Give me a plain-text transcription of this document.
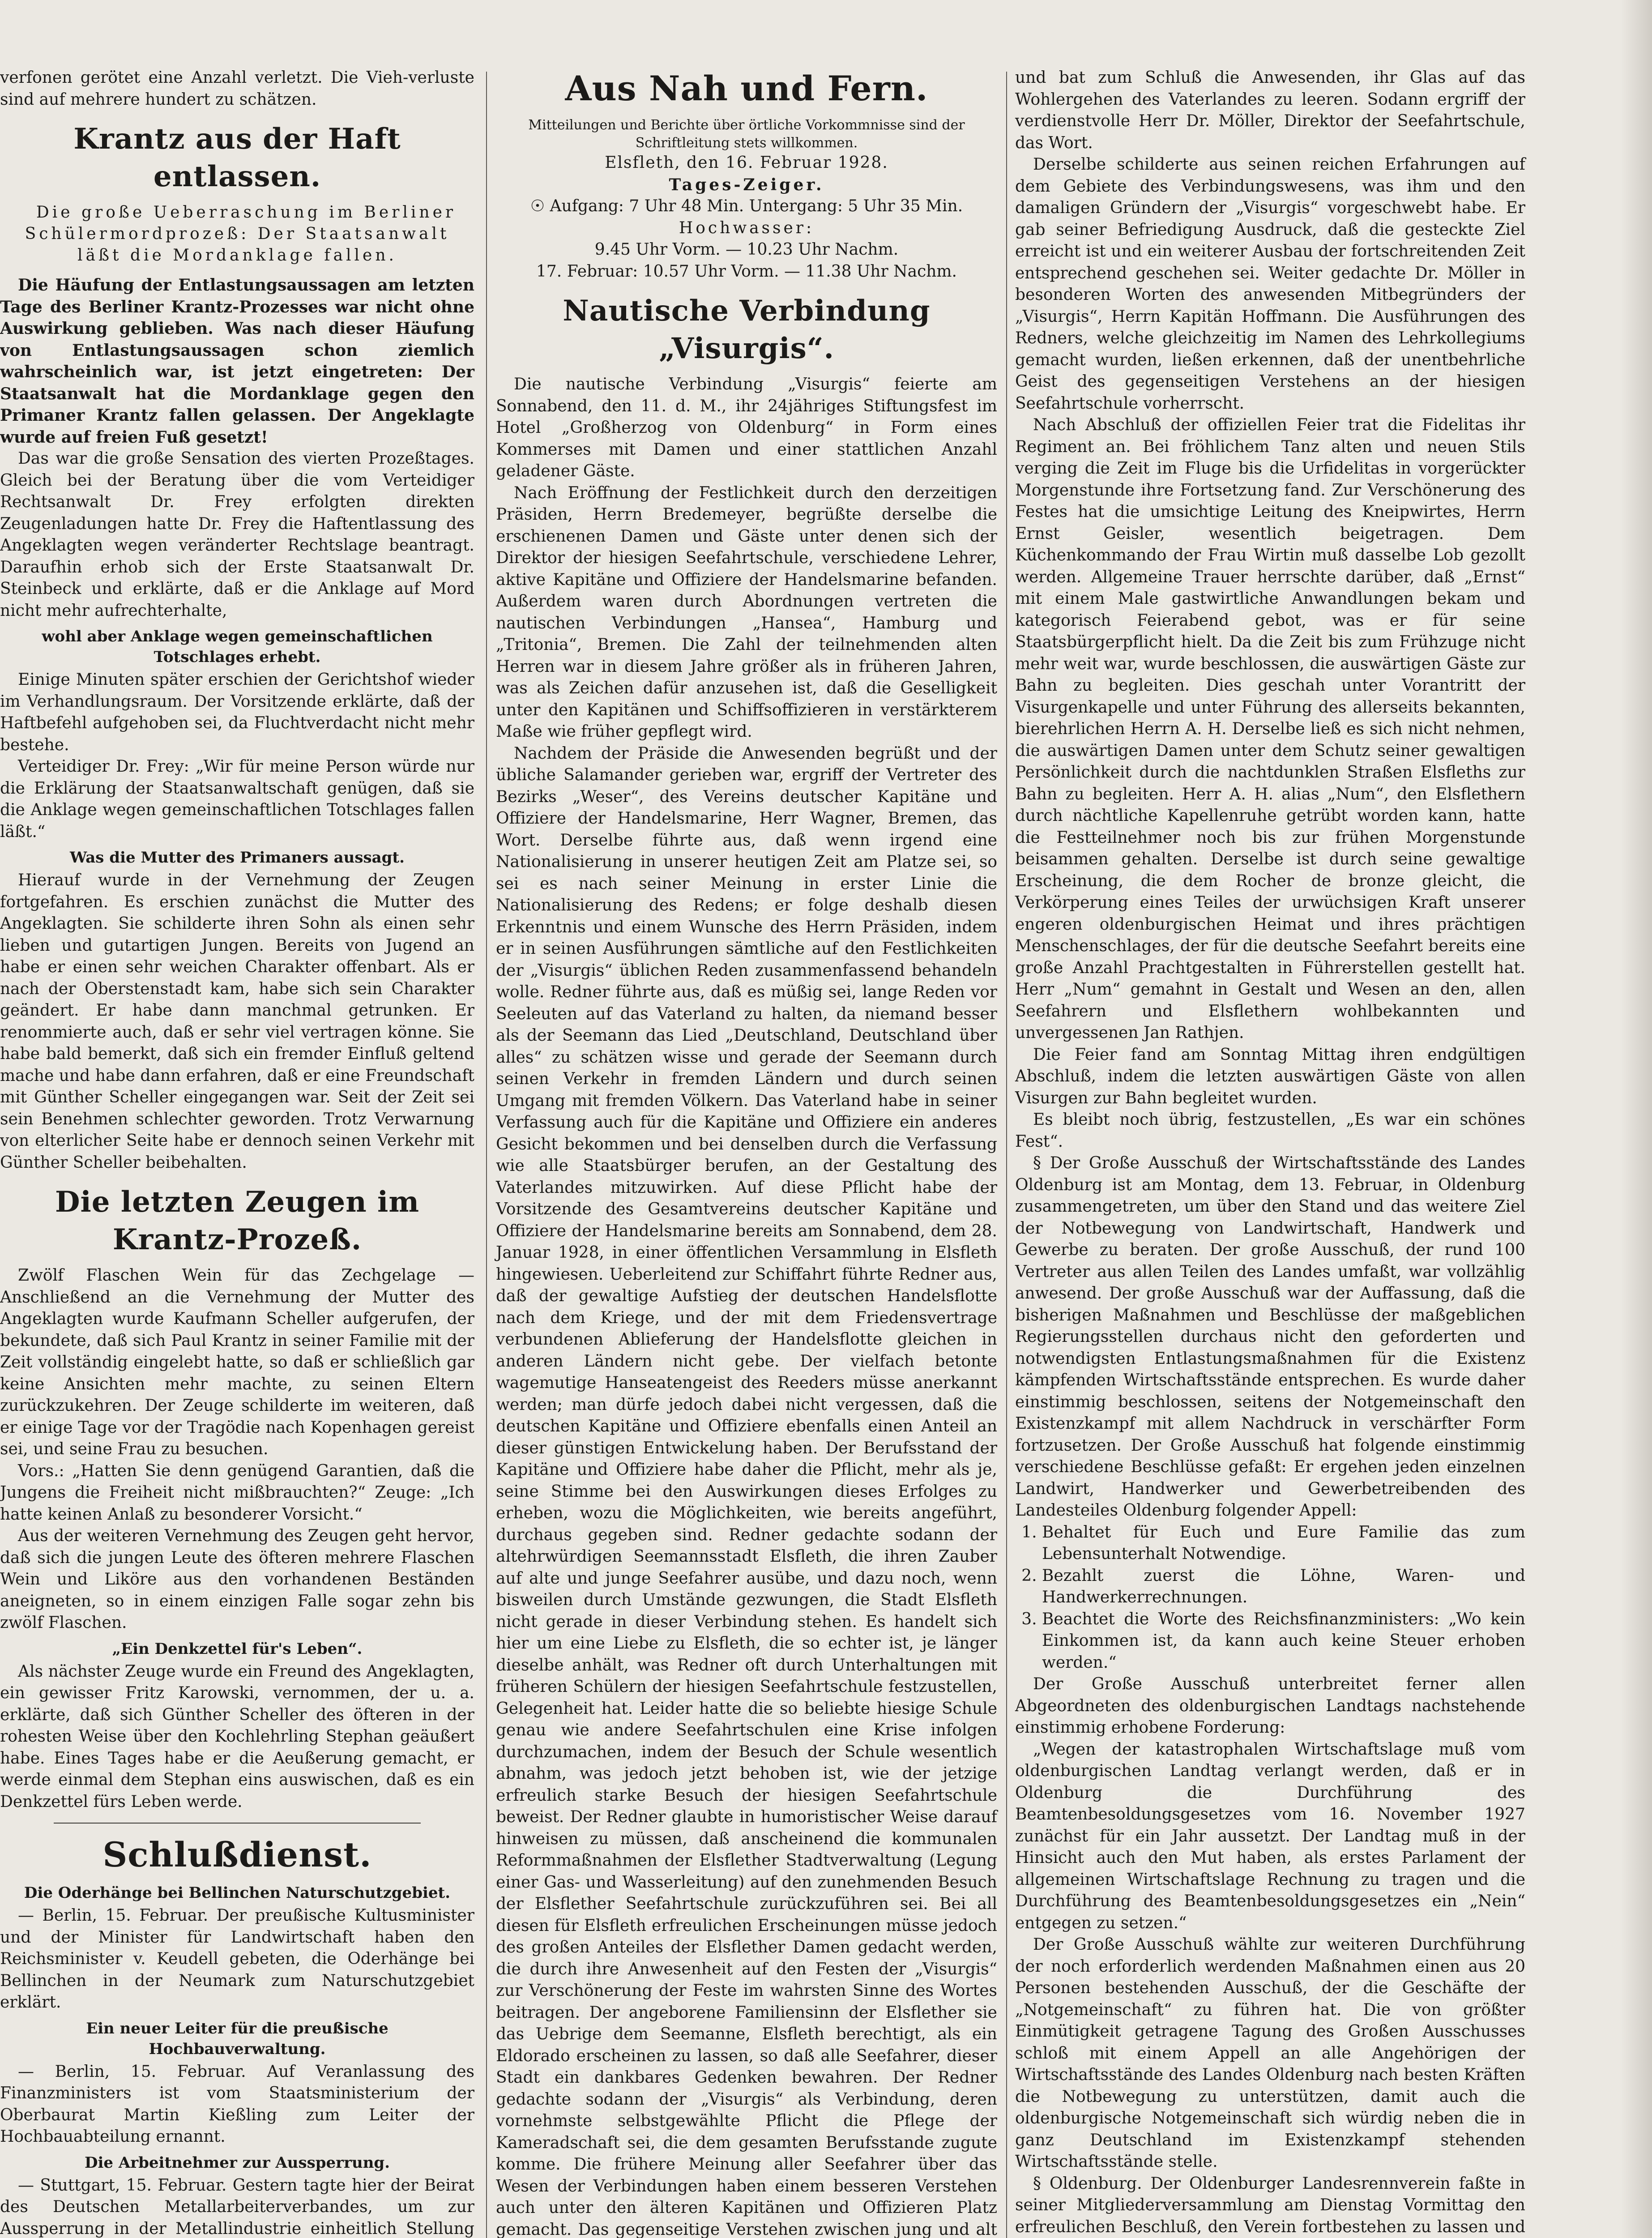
verfonen gerötet eine Anzahl verletzt. Die Vieh-verluste sind auf mehrere hundert zu schätzen.

Krantz aus der Haft entlassen.

Die große Ueberraschung im Berliner Schülermordprozeß: Der Staatsanwalt läßt die Mordanklage fallen.

Die Häufung der Entlastungsaussagen am letzten Tage des Berliner Krantz-Prozesses war nicht ohne Auswirkung geblieben. Was nach dieser Häufung von Entlastungsaussagen schon ziemlich wahrscheinlich war, ist jetzt eingetreten: Der Staatsanwalt hat die Mordanklage gegen den Primaner Krantz fallen gelassen. Der Angeklagte wurde auf freien Fuß gesetzt!

Das war die große Sensation des vierten Prozeßtages. Gleich bei der Beratung über die vom Verteidiger Rechtsanwalt Dr. Frey erfolgten direkten Zeugenladungen hatte Dr. Frey die Haftentlassung des Angeklagten wegen veränderter Rechtslage beantragt. Daraufhin erhob sich der Erste Staatsanwalt Dr. Steinbeck und erklärte, daß er die Anklage auf Mord nicht mehr aufrechterhalte,

wohl aber Anklage wegen gemeinschaftlichen Totschlages erhebt.

Einige Minuten später erschien der Gerichtshof wieder im Verhandlungsraum. Der Vorsitzende erklärte, daß der Haftbefehl aufgehoben sei, da Fluchtverdacht nicht mehr bestehe.

Verteidiger Dr. Frey: „Wir für meine Person würde nur die Erklärung der Staatsanwaltschaft genügen, daß sie die Anklage wegen gemeinschaftlichen Totschlages fallen läßt.“

Was die Mutter des Primaners aussagt.

Hierauf wurde in der Vernehmung der Zeugen fortgefahren. Es erschien zunächst die Mutter des Angeklagten. Sie schilderte ihren Sohn als einen sehr lieben und gutartigen Jungen. Bereits von Jugend an habe er einen sehr weichen Charakter offenbart. Als er nach der Oberstenstadt kam, habe sich sein Charakter geändert. Er habe dann manchmal getrunken. Er renommierte auch, daß er sehr viel vertragen könne. Sie habe bald bemerkt, daß sich ein fremder Einfluß geltend mache und habe dann erfahren, daß er eine Freundschaft mit Günther Scheller eingegangen war. Seit der Zeit sei sein Benehmen schlechter geworden. Trotz Verwarnung von elterlicher Seite habe er dennoch seinen Verkehr mit Günther Scheller beibehalten.

Die letzten Zeugen im Krantz-Prozeß.

Zwölf Flaschen Wein für das Zechgelage — Anschließend an die Vernehmung der Mutter des Angeklagten wurde Kaufmann Scheller aufgerufen, der bekundete, daß sich Paul Krantz in seiner Familie mit der Zeit vollständig eingelebt hatte, so daß er schließlich gar keine Ansichten mehr machte, zu seinen Eltern zurückzukehren. Der Zeuge schilderte im weiteren, daß er einige Tage vor der Tragödie nach Kopenhagen gereist sei, und seine Frau zu besuchen.

Vors.: „Hatten Sie denn genügend Garantien, daß die Jungens die Freiheit nicht mißbrauchten?“ Zeuge: „Ich hatte keinen Anlaß zu besonderer Vorsicht.“

Aus der weiteren Vernehmung des Zeugen geht hervor, daß sich die jungen Leute des öfteren mehrere Flaschen Wein und Liköre aus den vorhandenen Beständen aneigneten, so in einem einzigen Falle sogar zehn bis zwölf Flaschen.

„Ein Denkzettel für's Leben“.

Als nächster Zeuge wurde ein Freund des Angeklagten, ein gewisser Fritz Karowski, vernommen, der u. a. erklärte, daß sich Günther Scheller des öfteren in der rohesten Weise über den Kochlehrling Stephan geäußert habe. Eines Tages habe er die Aeußerung gemacht, er werde einmal dem Stephan eins auswischen, daß es ein Denkzettel fürs Leben werde.

Schlußdienst.

Die Oderhänge bei Bellinchen Naturschutzgebiet.

— Berlin, 15. Februar. Der preußische Kultusminister und der Minister für Landwirtschaft haben den Reichsminister v. Keudell gebeten, die Oderhänge bei Bellinchen in der Neumark zum Naturschutzgebiet erklärt.

Ein neuer Leiter für die preußische Hochbauverwaltung.

— Berlin, 15. Februar. Auf Veranlassung des Finanzministers ist vom Staatsministerium der Oberbaurat Martin Kießling zum Leiter der Hochbauabteilung ernannt.

Die Arbeitnehmer zur Aussperrung.

— Stuttgart, 15. Februar. Gestern tagte hier der Beirat des Deutschen Metallarbeiterverbandes, um zur Aussperrung in der Metallindustrie einheitlich Stellung

Aus Nah und Fern.

Mitteilungen und Berichte über örtliche Vorkommnisse sind der Schriftleitung stets willkommen.

Elsfleth, den 16. Februar 1928.

Tages-Zeiger.

☉ Aufgang: 7 Uhr 48 Min. Untergang: 5 Uhr 35 Min.

Hochwasser:

9.45 Uhr Vorm. — 10.23 Uhr Nachm.

17. Februar: 10.57 Uhr Vorm. — 11.38 Uhr Nachm.

Nautische Verbindung „Visurgis“.

Die nautische Verbindung „Visurgis“ feierte am Sonnabend, den 11. d. M., ihr 24jähriges Stiftungsfest im Hotel „Großherzog von Oldenburg“ in Form eines Kommerses mit Damen und einer stattlichen Anzahl geladener Gäste.

Nach Eröffnung der Festlichkeit durch den derzeitigen Präsiden, Herrn Bredemeyer, begrüßte derselbe die erschienenen Damen und Gäste unter denen sich der Direktor der hiesigen Seefahrtschule, verschiedene Lehrer, aktive Kapitäne und Offiziere der Handelsmarine befanden. Außerdem waren durch Abordnungen vertreten die nautischen Verbindungen „Hansea“, Hamburg und „Tritonia“, Bremen. Die Zahl der teilnehmenden alten Herren war in diesem Jahre größer als in früheren Jahren, was als Zeichen dafür anzusehen ist, daß die Geselligkeit unter den Kapitänen und Schiffsoffizieren in verstärkterem Maße wie früher gepflegt wird.

Nachdem der Präside die Anwesenden begrüßt und der übliche Salamander gerieben war, ergriff der Vertreter des Bezirks „Weser“, des Vereins deutscher Kapitäne und Offiziere der Handelsmarine, Herr Wagner, Bremen, das Wort. Derselbe führte aus, daß wenn irgend eine Nationalisierung in unserer heutigen Zeit am Platze sei, so sei es nach seiner Meinung in erster Linie die Nationalisierung des Redens; er folge deshalb diesen Erkenntnis und einem Wunsche des Herrn Präsiden, indem er in seinen Ausführungen sämtliche auf den Festlichkeiten der „Visurgis“ üblichen Reden zusammenfassend behandeln wolle. Redner führte aus, daß es müßig sei, lange Reden vor Seeleuten auf das Vaterland zu halten, da niemand besser als der Seemann das Lied „Deutschland, Deutschland über alles“ zu schätzen wisse und gerade der Seemann durch seinen Verkehr in fremden Ländern und durch seinen Umgang mit fremden Völkern. Das Vaterland habe in seiner Verfassung auch für die Kapitäne und Offiziere ein anderes Gesicht bekommen und bei denselben durch die Verfassung wie alle Staatsbürger berufen, an der Gestaltung des Vaterlandes mitzuwirken. Auf diese Pflicht habe der Vorsitzende des Gesamtvereins deutscher Kapitäne und Offiziere der Handelsmarine bereits am Sonnabend, dem 28. Januar 1928, in einer öffentlichen Versammlung in Elsfleth hingewiesen. Ueberleitend zur Schiffahrt führte Redner aus, daß der gewaltige Aufstieg der deutschen Handelsflotte nach dem Kriege, und der mit dem Friedensvertrage verbundenen Ablieferung der Handelsflotte gleichen in anderen Ländern nicht gebe. Der vielfach betonte wagemutige Hanseatengeist des Reeders müsse anerkannt werden; man dürfe jedoch dabei nicht vergessen, daß die deutschen Kapitäne und Offiziere ebenfalls einen Anteil an dieser günstigen Entwickelung haben. Der Berufsstand der Kapitäne und Offiziere habe daher die Pflicht, mehr als je, seine Stimme bei den Auswirkungen dieses Erfolges zu erheben, wozu die Möglichkeiten, wie bereits angeführt, durchaus gegeben sind. Redner gedachte sodann der altehrwürdigen Seemannsstadt Elsfleth, die ihren Zauber auf alte und junge Seefahrer ausübe, und dazu noch, wenn bisweilen durch Umstände gezwungen, die Stadt Elsfleth nicht gerade in dieser Verbindung stehen. Es handelt sich hier um eine Liebe zu Elsfleth, die so echter ist, je länger dieselbe anhält, was Redner oft durch Unterhaltungen mit früheren Schülern der hiesigen Seefahrtschule festzustellen, Gelegenheit hat. Leider hatte die so beliebte hiesige Schule genau wie andere Seefahrtschulen eine Krise infolgen durchzumachen, indem der Besuch der Schule wesentlich abnahm, was jedoch jetzt behoben ist, wie der jetzige erfreulich starke Besuch der hiesigen Seefahrtschule beweist. Der Redner glaubte in humoristischer Weise darauf hinweisen zu müssen, daß anscheinend die kommunalen Reformmaßnahmen der Elsflether Stadtverwaltung (Legung einer Gas- und Wasserleitung) auf den zunehmenden Besuch der Elsflether Seefahrtschule zurückzuführen sei. Bei all diesen für Elsfleth erfreulichen Erscheinungen müsse jedoch des großen Anteiles der Elsflether Damen gedacht werden, die durch ihre Anwesenheit auf den Festen der „Visurgis“ zur Verschönerung der Feste im wahrsten Sinne des Wortes beitragen. Der angeborene Familiensinn der Elsflether sie das Uebrige dem Seemanne, Elsfleth berechtigt, als ein Eldorado erscheinen zu lassen, so daß alle Seefahrer, dieser Stadt ein dankbares Gedenken bewahren. Der Redner gedachte sodann der „Visurgis“ als Verbindung, deren vornehmste selbstgewählte Pflicht die Pflege der Kameradschaft sei, die dem gesamten Berufsstande zugute komme. Die frühere Meinung aller Seefahrer über das Wesen der Verbindungen haben einem besseren Verstehen auch unter den älteren Kapitänen und Offizieren Platz gemacht. Das gegenseitige Verstehen zwischen jung und alt

und bat zum Schluß die Anwesenden, ihr Glas auf das Wohlergehen des Vaterlandes zu leeren. Sodann ergriff der verdienstvolle Herr Dr. Möller, Direktor der Seefahrtschule, das Wort.

Derselbe schilderte aus seinen reichen Erfahrungen auf dem Gebiete des Verbindungswesens, was ihm und den damaligen Gründern der „Visurgis“ vorgeschwebt habe. Er gab seiner Befriedigung Ausdruck, daß die gesteckte Ziel erreicht ist und ein weiterer Ausbau der fortschreitenden Zeit entsprechend geschehen sei. Weiter gedachte Dr. Möller in besonderen Worten des anwesenden Mitbegründers der „Visurgis“, Herrn Kapitän Hoffmann. Die Ausführungen des Redners, welche gleichzeitig im Namen des Lehrkollegiums gemacht wurden, ließen erkennen, daß der unentbehrliche Geist des gegenseitigen Verstehens an der hiesigen Seefahrtschule vorherrscht.

Nach Abschluß der offiziellen Feier trat die Fidelitas ihr Regiment an. Bei fröhlichem Tanz alten und neuen Stils verging die Zeit im Fluge bis die Urfidelitas in vorgerückter Morgenstunde ihre Fortsetzung fand. Zur Verschönerung des Festes hat die umsichtige Leitung des Kneipwirtes, Herrn Ernst Geisler, wesentlich beigetragen. Dem Küchenkommando der Frau Wirtin muß dasselbe Lob gezollt werden. Allgemeine Trauer herrschte darüber, daß „Ernst“ mit einem Male gastwirtliche Anwandlungen bekam und kategorisch Feierabend gebot, was er für seine Staatsbürgerpflicht hielt. Da die Zeit bis zum Frühzuge nicht mehr weit war, wurde beschlossen, die auswärtigen Gäste zur Bahn zu begleiten. Dies geschah unter Vorantritt der Visurgenkapelle und unter Führung des allerseits bekannten, bierehrlichen Herrn A. H. Derselbe ließ es sich nicht nehmen, die auswärtigen Damen unter dem Schutz seiner gewaltigen Persönlichkeit durch die nachtdunklen Straßen Elsfleths zur Bahn zu begleiten. Herr A. H. alias „Num“, den Elsflethern durch nächtliche Kapellenruhe getrübt worden kann, hatte die Festteilnehmer noch bis zur frühen Morgenstunde beisammen gehalten. Derselbe ist durch seine gewaltige Erscheinung, die dem Rocher de bronze gleicht, die Verkörperung eines Teiles der urwüchsigen Kraft unserer engeren oldenburgischen Heimat und ihres prächtigen Menschenschlages, der für die deutsche Seefahrt bereits eine große Anzahl Prachtgestalten in Führerstellen gestellt hat. Herr „Num“ gemahnt in Gestalt und Wesen an den, allen Seefahrern und Elsflethern wohlbekannten und unvergessenen Jan Rathjen.

Die Feier fand am Sonntag Mittag ihren endgültigen Abschluß, indem die letzten auswärtigen Gäste von allen Visurgen zur Bahn begleitet wurden.

Es bleibt noch übrig, festzustellen, „Es war ein schönes Fest“.

§ Der Große Ausschuß der Wirtschaftsstände des Landes Oldenburg ist am Montag, dem 13. Februar, in Oldenburg zusammengetreten, um über den Stand und das weitere Ziel der Notbewegung von Landwirtschaft, Handwerk und Gewerbe zu beraten. Der große Ausschuß, der rund 100 Vertreter aus allen Teilen des Landes umfaßt, war vollzählig anwesend. Der große Ausschuß war der Auffassung, daß die bisherigen Maßnahmen und Beschlüsse der maßgeblichen Regierungsstellen durchaus nicht den geforderten und notwendigsten Entlastungsmaßnahmen für die Existenz kämpfenden Wirtschaftsstände entsprechen. Es wurde daher einstimmig beschlossen, seitens der Notgemeinschaft den Existenzkampf mit allem Nachdruck in verschärfter Form fortzusetzen. Der Große Ausschuß hat folgende einstimmig verschiedene Beschlüsse gefaßt: Er ergehen jeden einzelnen Landwirt, Handwerker und Gewerbetreibenden des Landesteiles Oldenburg folgender Appell:

1. Behaltet für Euch und Eure Familie das zum Lebensunterhalt Notwendige.
2. Bezahlt zuerst die Löhne, Waren- und Handwerkerrechnungen.
3. Beachtet die Worte des Reichsfinanzministers: „Wo kein Einkommen ist, da kann auch keine Steuer erhoben werden.“

Der Große Ausschuß unterbreitet ferner allen Abgeordneten des oldenburgischen Landtags nachstehende einstimmig erhobene Forderung:

„Wegen der katastrophalen Wirtschaftslage muß vom oldenburgischen Landtag verlangt werden, daß er in Oldenburg die Durchführung des Beamtenbesoldungsgesetzes vom 16. November 1927 zunächst für ein Jahr aussetzt. Der Landtag muß in der Hinsicht auch den Mut haben, als erstes Parlament der allgemeinen Wirtschaftslage Rechnung zu tragen und die Durchführung des Beamtenbesoldungsgesetzes ein „Nein“ entgegen zu setzen.“

Der Große Ausschuß wählte zur weiteren Durchführung der noch erforderlich werdenden Maßnahmen einen aus 20 Personen bestehenden Ausschuß, der die Geschäfte der „Notgemeinschaft“ zu führen hat. Die von größter Einmütigkeit getragene Tagung des Großen Ausschusses schloß mit einem Appell an alle Angehörigen der Wirtschaftsstände des Landes Oldenburg nach besten Kräften die Notbewegung zu unterstützen, damit auch die oldenburgische Notgemeinschaft sich würdig neben die in ganz Deutschland im Existenzkampf stehenden Wirtschaftsstände stelle.

§ Oldenburg. Der Oldenburger Landesrennverein faßte in seiner Mitgliederversammlung am Dienstag Vormittag den erfreulichen Beschluß, den Verein fortbestehen zu lassen und
